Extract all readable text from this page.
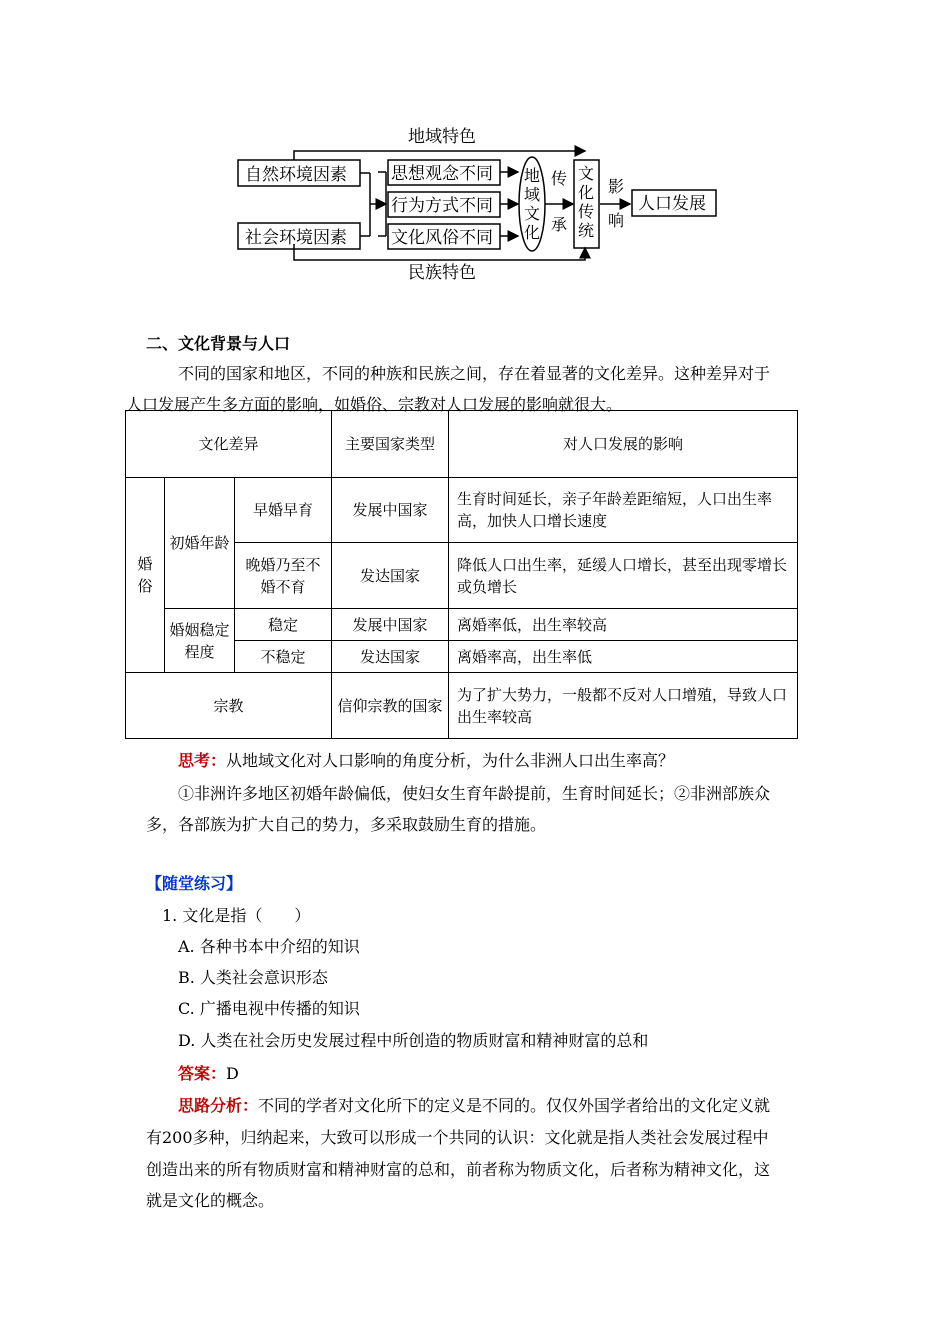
地域特色
民族特色
自然环境因素
社会环境因素
思想观念不同
行为方式不同
文化风俗不同
地
域
文
化
传
承
文
化
传
统
影
响
人口发展
二、文化背景与人口
不同的国家和地区，不同的种族和民族之间，存在着显著的文化差异。这种差异对于
人口发展产生多方面的影响，如婚俗、宗教对人口发展的影响就很大。
文化差异			主要国家类型	对人口发展的影响
婚俗	初婚年龄	早婚早育	发展中国家	生育时间延长，亲子年龄差距缩短，人口出生率高，加快人口增长速度
		晚婚乃至不婚不育	发达国家	降低人口出生率，延缓人口增长，甚至出现零增长或负增长
	婚姻稳定程度	稳定	发展中国家	离婚率低，出生率较高
		不稳定	发达国家	离婚率高，出生率低
宗教			信仰宗教的国家	为了扩大势力，一般都不反对人口增殖，导致人口出生率较高
思考：从地域文化对人口影响的角度分析，为什么非洲人口出生率高？
①非洲许多地区初婚年龄偏低，使妇女生育年龄提前，生育时间延长；②非洲部族众
多，各部族为扩大自己的势力，多采取鼓励生育的措施。
【随堂练习】
1. 文化是指（　　）
A. 各种书本中介绍的知识
B. 人类社会意识形态
C. 广播电视中传播的知识
D. 人类在社会历史发展过程中所创造的物质财富和精神财富的总和
答案：D
思路分析：不同的学者对文化所下的定义是不同的。仅仅外国学者给出的文化定义就
有200多种，归纳起来，大致可以形成一个共同的认识：文化就是指人类社会发展过程中
创造出来的所有物质财富和精神财富的总和，前者称为物质文化，后者称为精神文化，这
就是文化的概念。
